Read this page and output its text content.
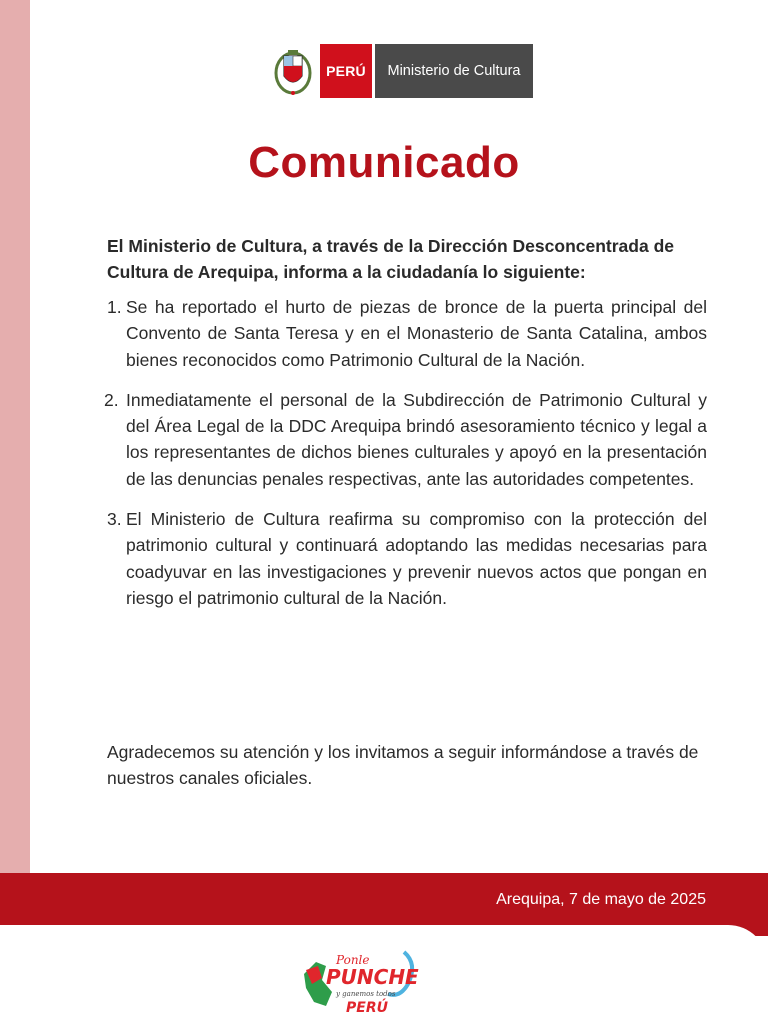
PERÚ	Ministerio de Cultura
Comunicado
El Ministerio de Cultura, a través de la Dirección Desconcentrada de Cultura de Arequipa, informa a la ciudadanía lo siguiente:
1. Se ha reportado el hurto de piezas de bronce de la puerta principal del Convento de Santa Teresa y en el Monasterio de Santa Catalina, ambos bienes reconocidos como Patrimonio Cultural de la Nación.
2. Inmediatamente el personal de la Subdirección de Patrimonio Cultural y del Área Legal de la DDC Arequipa brindó asesoramiento técnico y legal a los representantes de dichos bienes culturales y apoyó en la presentación de las denuncias penales respectivas, ante las autoridades competentes.
3. El Ministerio de Cultura reafirma su compromiso con la protección del patrimonio cultural y continuará adoptando las medidas necesarias para coadyuvar en las investigaciones y prevenir nuevos actos que pongan en riesgo el patrimonio cultural de la Nación.
Agradecemos su atención y los invitamos a seguir informándose a través de nuestros canales oficiales.
Arequipa, 7 de mayo de 2025
Ponle
PUNCHE
y ganemos todos
PERÚ
